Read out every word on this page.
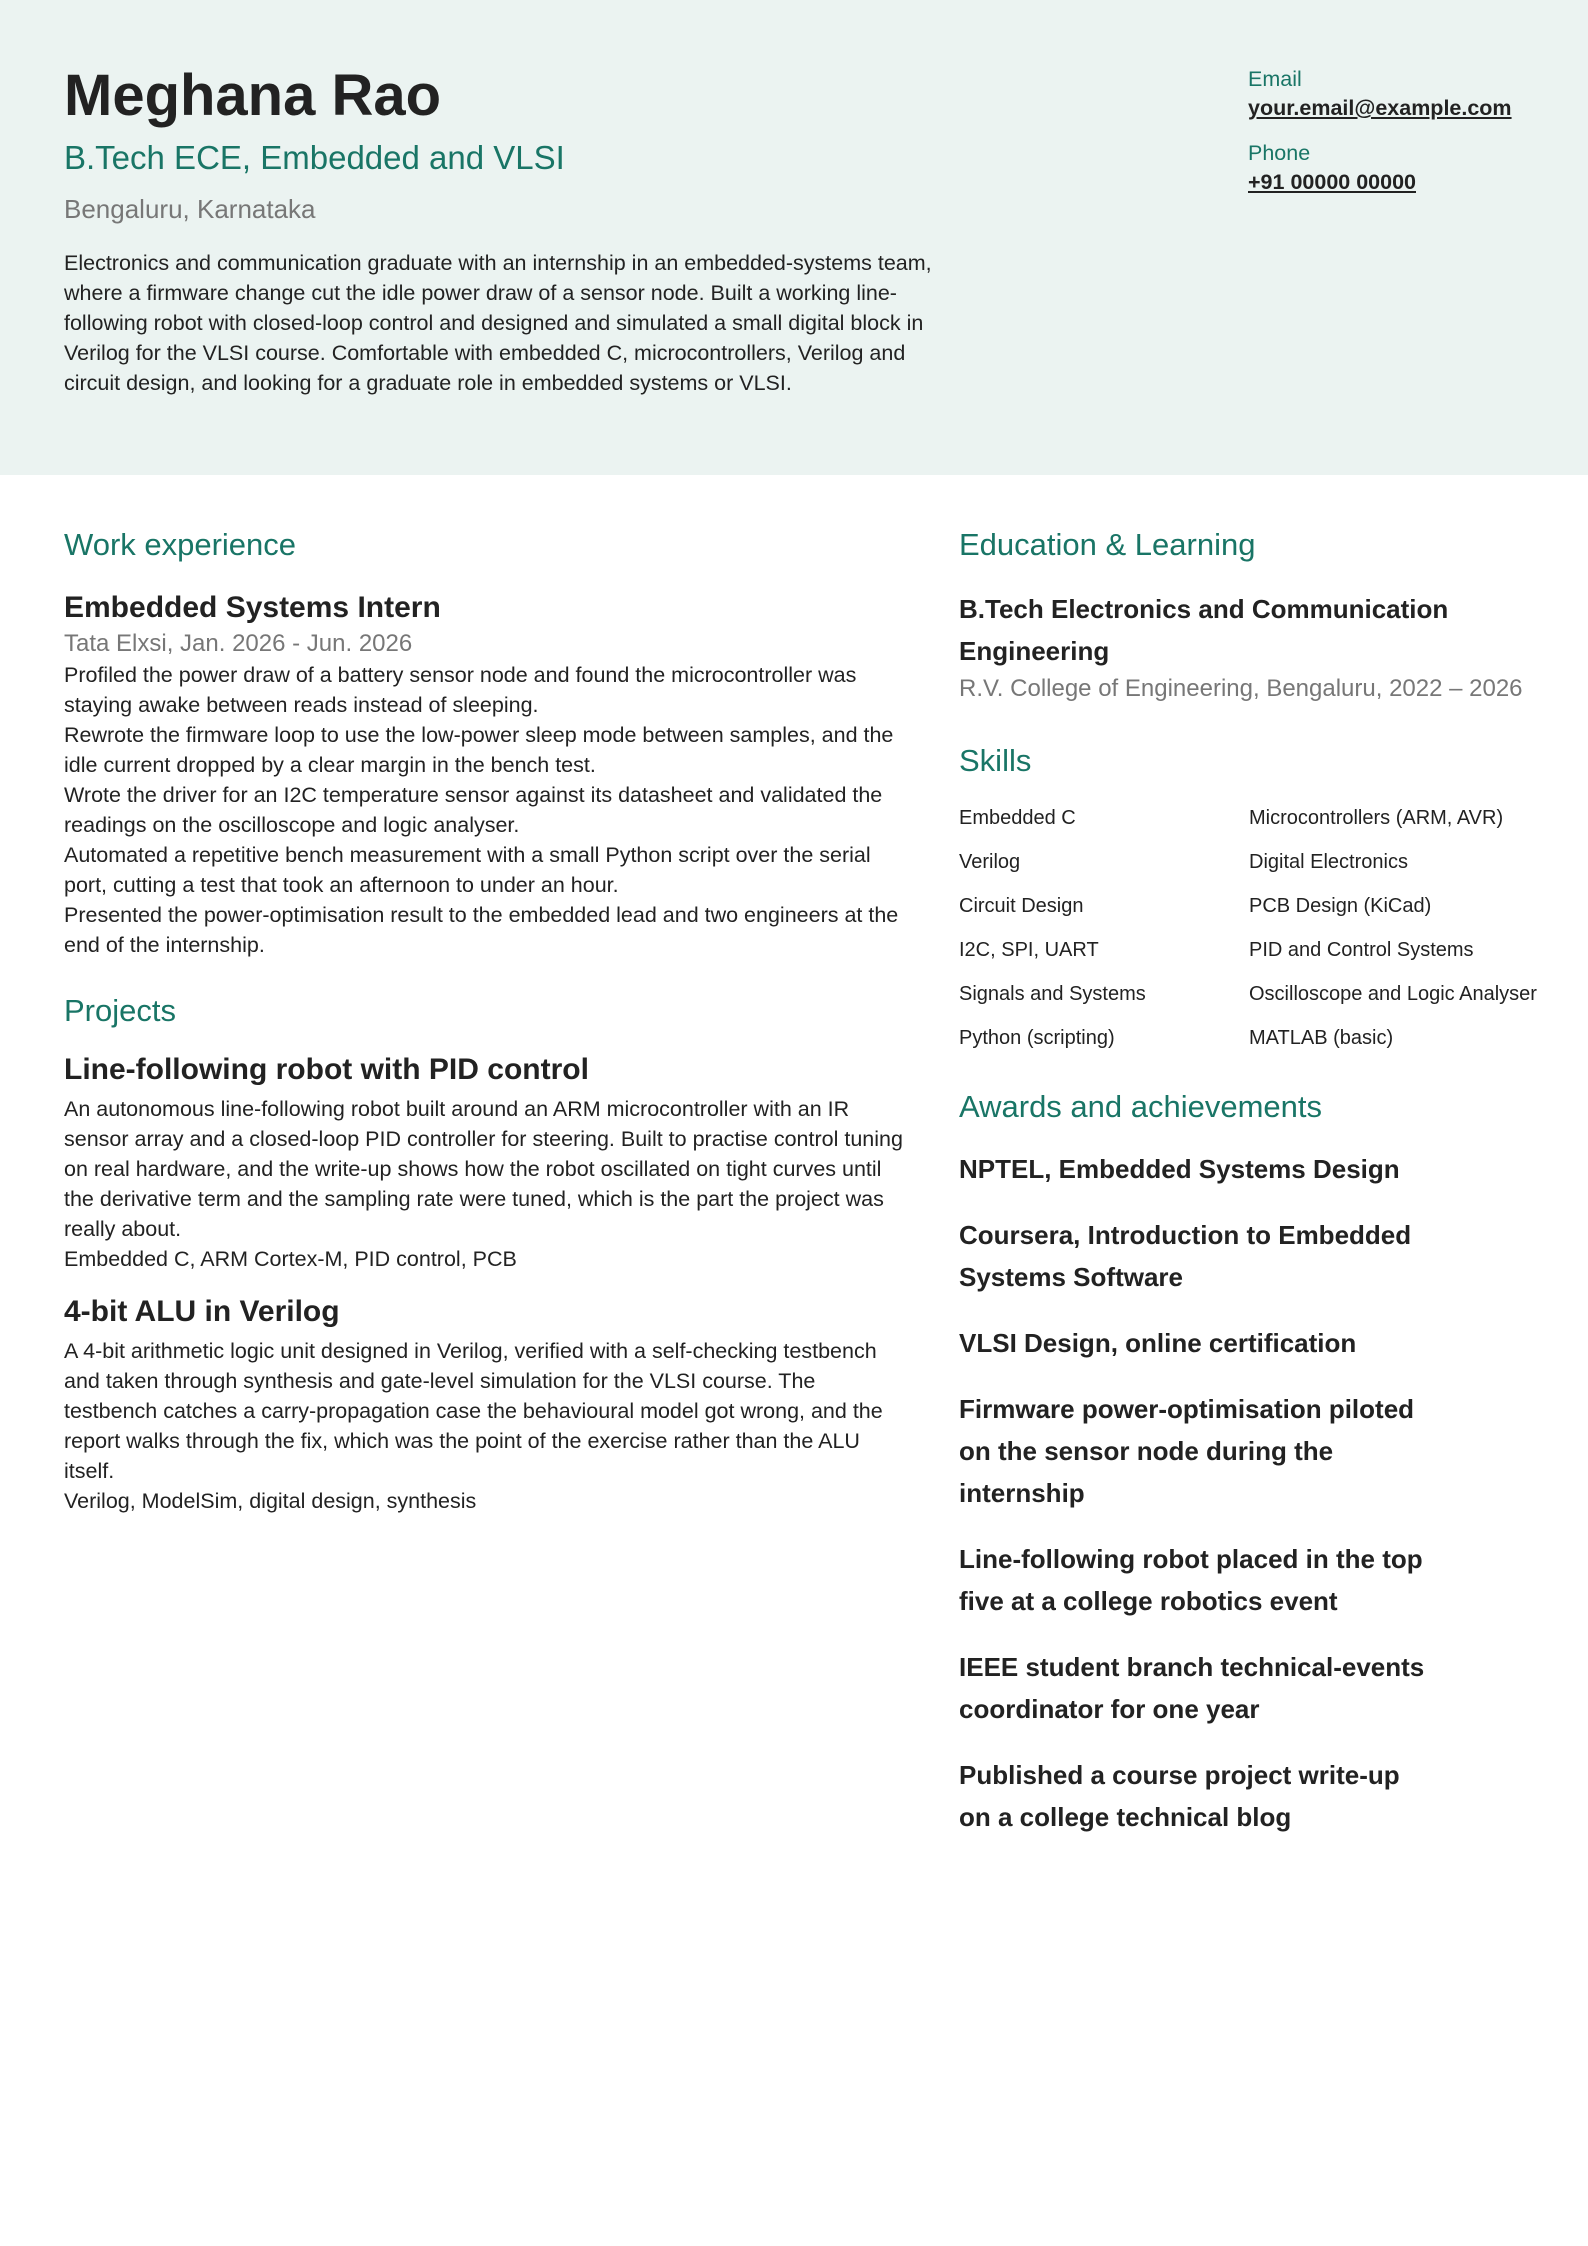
Meghana Rao
B.Tech ECE, Embedded and VLSI

Bengaluru, Karnataka

Electronics and communication graduate with an internship in an embedded-systems team, where a firmware change cut the idle power draw of a sensor node. Built a working line-following robot with closed-loop control and designed and simulated a small digital block in Verilog for the VLSI course. Comfortable with embedded C, microcontrollers, Verilog and circuit design, and looking for a graduate role in embedded systems or VLSI.

Email

your.email@example.com

Phone

+91 00000 00000
Work experience

Embedded Systems Intern

Tata Elxsi, Jan. 2026 - Jun. 2026

Profiled the power draw of a battery sensor node and found the microcontroller was staying awake between reads instead of sleeping.

Rewrote the firmware loop to use the low-power sleep mode between samples, and the idle current dropped by a clear margin in the bench test.

Wrote the driver for an I2C temperature sensor against its datasheet and validated the readings on the oscilloscope and logic analyser.

Automated a repetitive bench measurement with a small Python script over the serial port, cutting a test that took an afternoon to under an hour.

Presented the power-optimisation result to the embedded lead and two engineers at the end of the internship.

Projects

Line-following robot with PID control

An autonomous line-following robot built around an ARM microcontroller with an IR sensor array and a closed-loop PID controller for steering. Built to practise control tuning on real hardware, and the write-up shows how the robot oscillated on tight curves until the derivative term and the sampling rate were tuned, which is the part the project was really about.

Embedded C, ARM Cortex-M, PID control, PCB

4-bit ALU in Verilog

A 4-bit arithmetic logic unit designed in Verilog, verified with a self-checking testbench and taken through synthesis and gate-level simulation for the VLSI course. The testbench catches a carry-propagation case the behavioural model got wrong, and the report walks through the fix, which was the point of the exercise rather than the ALU itself.

Verilog, ModelSim, digital design, synthesis

Education & Learning

B.Tech Electronics and Communication Engineering

R.V. College of Engineering, Bengaluru, 2022 – 2026

Skills
Embedded C	Microcontrollers (ARM, AVR)
Verilog	Digital Electronics
Circuit Design	PCB Design (KiCad)
I2C, SPI, UART	PID and Control Systems
Signals and Systems	Oscilloscope and Logic Analyser
Python (scripting)	MATLAB (basic)
Awards and achievements

NPTEL, Embedded Systems Design

Coursera, Introduction to Embedded Systems Software

VLSI Design, online certification

Firmware power-optimisation piloted on the sensor node during the internship

Line-following robot placed in the top five at a college robotics event

IEEE student branch technical-events coordinator for one year

Published a course project write-up on a college technical blog
